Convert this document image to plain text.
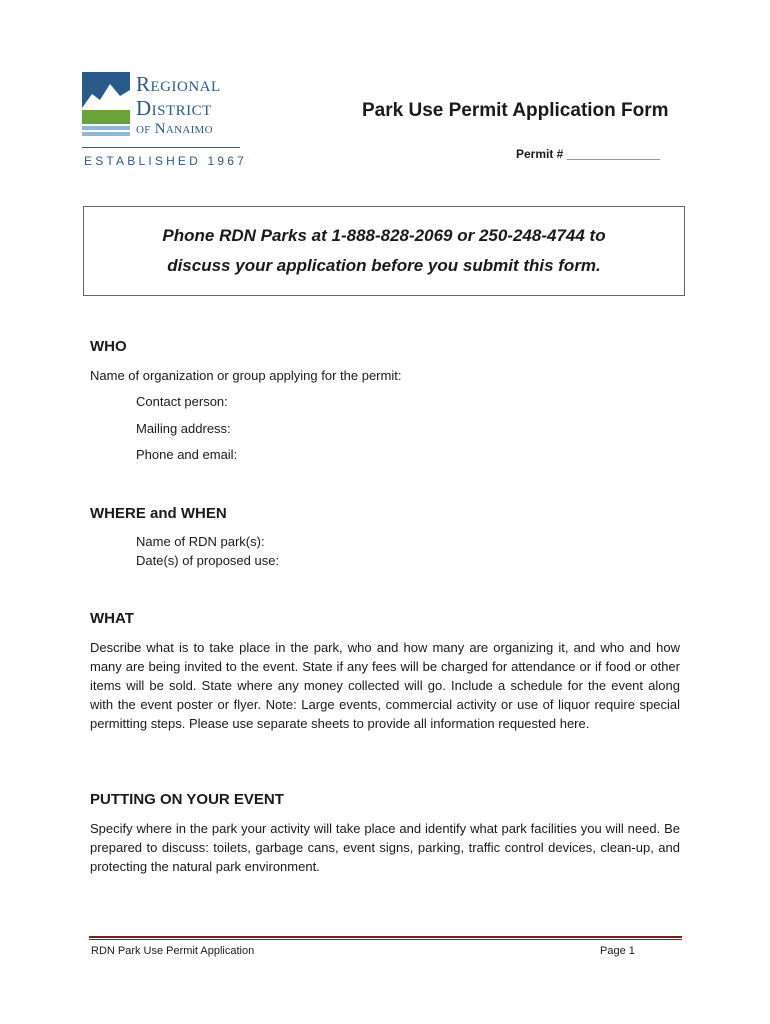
Regional
District
of Nanaimo
ESTABLISHED 1967
Park Use Permit Application Form
Permit # ______________
Phone RDN Parks at 1-888-828-2069 or 250-248-4744 to
discuss your application before you submit this form.
WHO
Name of organization or group applying for the permit:
Contact person:
Mailing address:
Phone and email:
WHERE and WHEN
Name of RDN park(s):
Date(s) of proposed use:
WHAT
Describe what is to take place in the park, who and how many are organizing it, and who and how many are being invited to the event. State if any fees will be charged for attendance or if food or other items will be sold. State where any money collected will go. Include a schedule for the event along with the event poster or flyer. Note: Large events, commercial activity or use of liquor require special permitting steps. Please use separate sheets to provide all information requested here.
PUTTING ON YOUR EVENT
Specify where in the park your activity will take place and identify what park facilities you will need. Be prepared to discuss: toilets, garbage cans, event signs, parking, traffic control devices, clean-up, and protecting the natural park environment.
RDN Park Use Permit Application	Page 1
